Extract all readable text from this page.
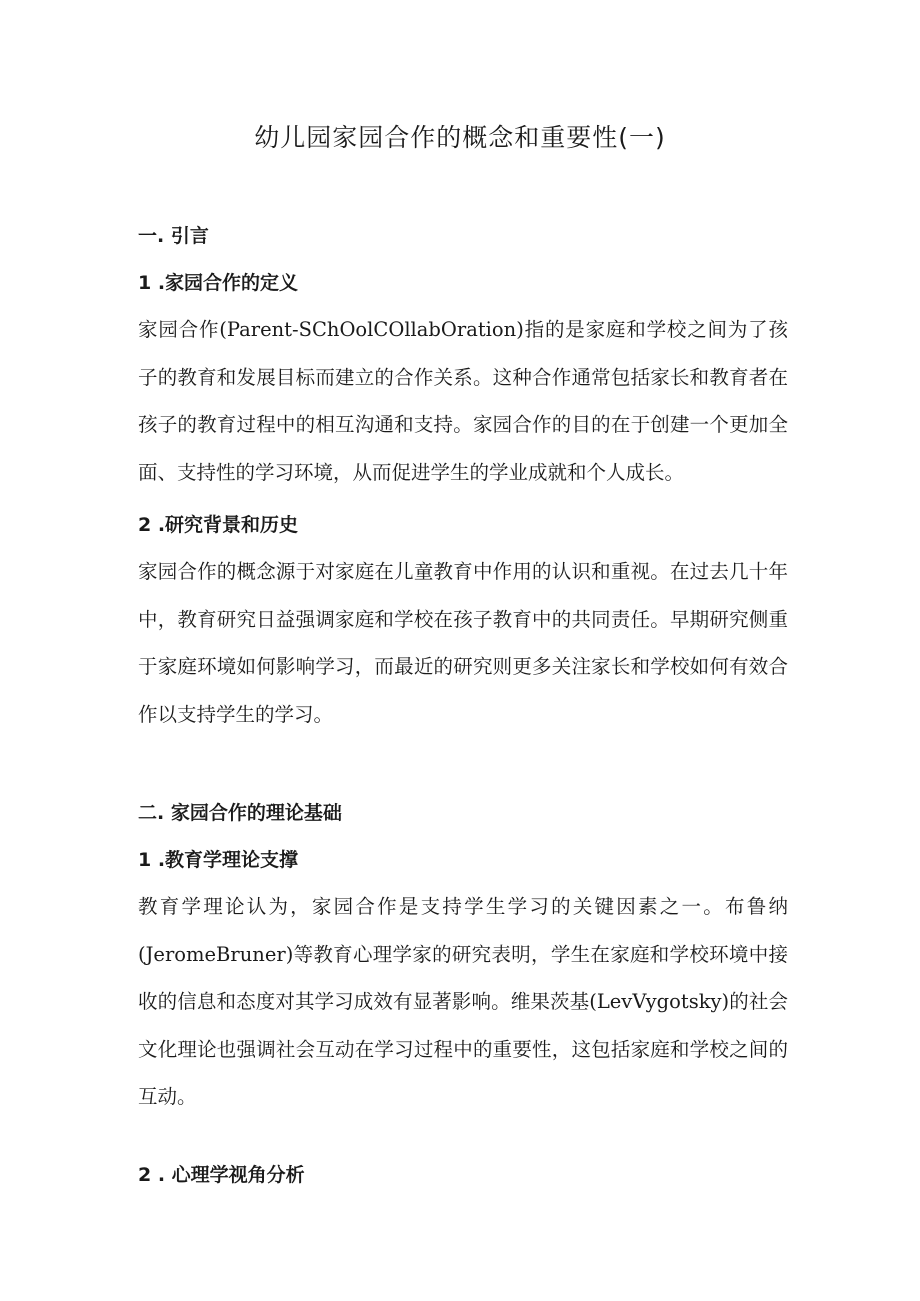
幼儿园家园合作的概念和重要性(一)
一. 引言
1 .家园合作的定义

家园合作(Parent-SChOolCOllabOration)指的是家庭和学校之间为了孩子的教育和发展目标而建立的合作关系。这种合作通常包括家长和教育者在孩子的教育过程中的相互沟通和支持。家园合作的目的在于创建一个更加全面、支持性的学习环境，从而促进学生的学业成就和个人成长。

2 .研究背景和历史

家园合作的概念源于对家庭在儿童教育中作用的认识和重视。在过去几十年中，教育研究日益强调家庭和学校在孩子教育中的共同责任。早期研究侧重于家庭环境如何影响学习，而最近的研究则更多关注家长和学校如何有效合作以支持学生的学习。

二. 家园合作的理论基础
1 .教育学理论支撑

教育学理论认为，家园合作是支持学生学习的关键因素之一。布鲁纳(JeromeBruner)等教育心理学家的研究表明，学生在家庭和学校环境中接收的信息和态度对其学习成效有显著影响。维果茨基(LevVygotsky)的社会文化理论也强调社会互动在学习过程中的重要性，这包括家庭和学校之间的互动。

2 . 心理学视角分析
